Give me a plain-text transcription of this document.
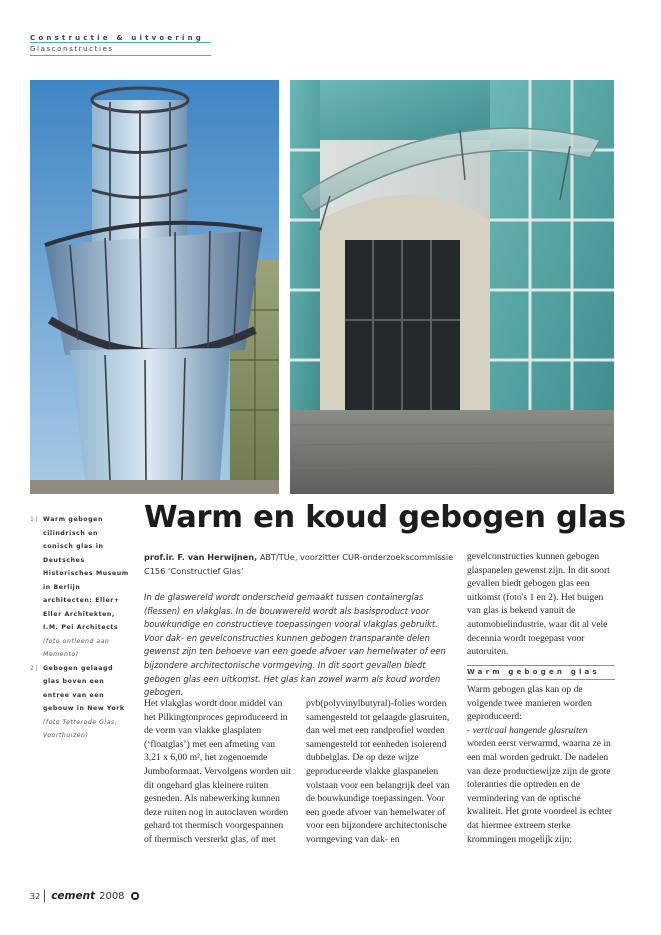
Constructie & uitvoering
Glasconstructies
1 | Warm gebogen cilindrisch en conisch glas in Deutsches Historisches Museum in Berlijn architecten: Eller+ Eller Architekten, I.M. Pei Architects
(foto ontleend aan Memento)
2 | Gebogen gelaagd glas boven een entree van een gebouw in New York
(foto Tetterode Glas, Voorthuizen)
Warm en koud gebogen glas
prof.ir. F. van Herwijnen, ABT/TUe, voorzitter CUR-onderzoekscommissie C156 ‘Constructief Glas’

In de glaswereld wordt onderscheid gemaakt tussen containerglas (flessen) en vlakglas. In de bouwwereld wordt als basisproduct voor bouwkundige en constructieve toepassingen vooral vlakglas gebruikt. Voor dak- en gevelconstructies kunnen gebogen transparante delen gewenst zijn ten behoeve van een goede afvoer van hemelwater of een bijzondere architectonische vormgeving. In dit soort gevallen biedt gebogen glas een uitkomst. Het glas kan zowel warm als koud worden gebogen.

Het vlakglas wordt door middel van het Pilkingtonproces geproduceerd in de vorm van vlakke glasplaten (‘floatglas’) met een afmeting van 3,21 x 6,00 m², het zogenoemde Jumboformaat. Vervolgens worden uit dit ongehard glas kleinere ruiten gesneden. Als nabewerking kunnen deze ruiten nog in autoclaven worden gehard tot thermisch voorgespannen of thermisch versterkt glas, of met

pvb(polyvinylbutyral)-folies worden samengesteld tot gelaagde glasruiten, dan wel met een randprofiel worden samengesteld tot eenheden isolerend dubbelglas. De op deze wijze geproduceerde vlakke glaspanelen volstaan voor een belangrijk deel van de bouwkundige toepassingen. Voor een goede afvoer van hemelwater of voor een bijzondere architectonische vormgeving van dak- en

gevelconstructies kunnen gebogen glaspanelen gewenst zijn. In dit soort gevallen biedt gebogen glas een uitkomst (foto's 1 en 2). Het buigen van glas is bekend vanuit de automobielindustrie, waar dit al vele decennia wordt toegepast voor autoruiten.

Warm gebogen glas
Warm gebogen glas kan op de volgende twee manieren worden geproduceerd:
- verticaal hangende glasruiten worden eerst verwarmd, waarna ze in een mal worden gedrukt. De nadelen van deze productiewijze zijn de grote toleranties die optreden en de vermindering van de optische kwaliteit. Het grote voordeel is echter dat hiermee extreem sterke krommingen mogelijk zijn;
32	cement 2008
